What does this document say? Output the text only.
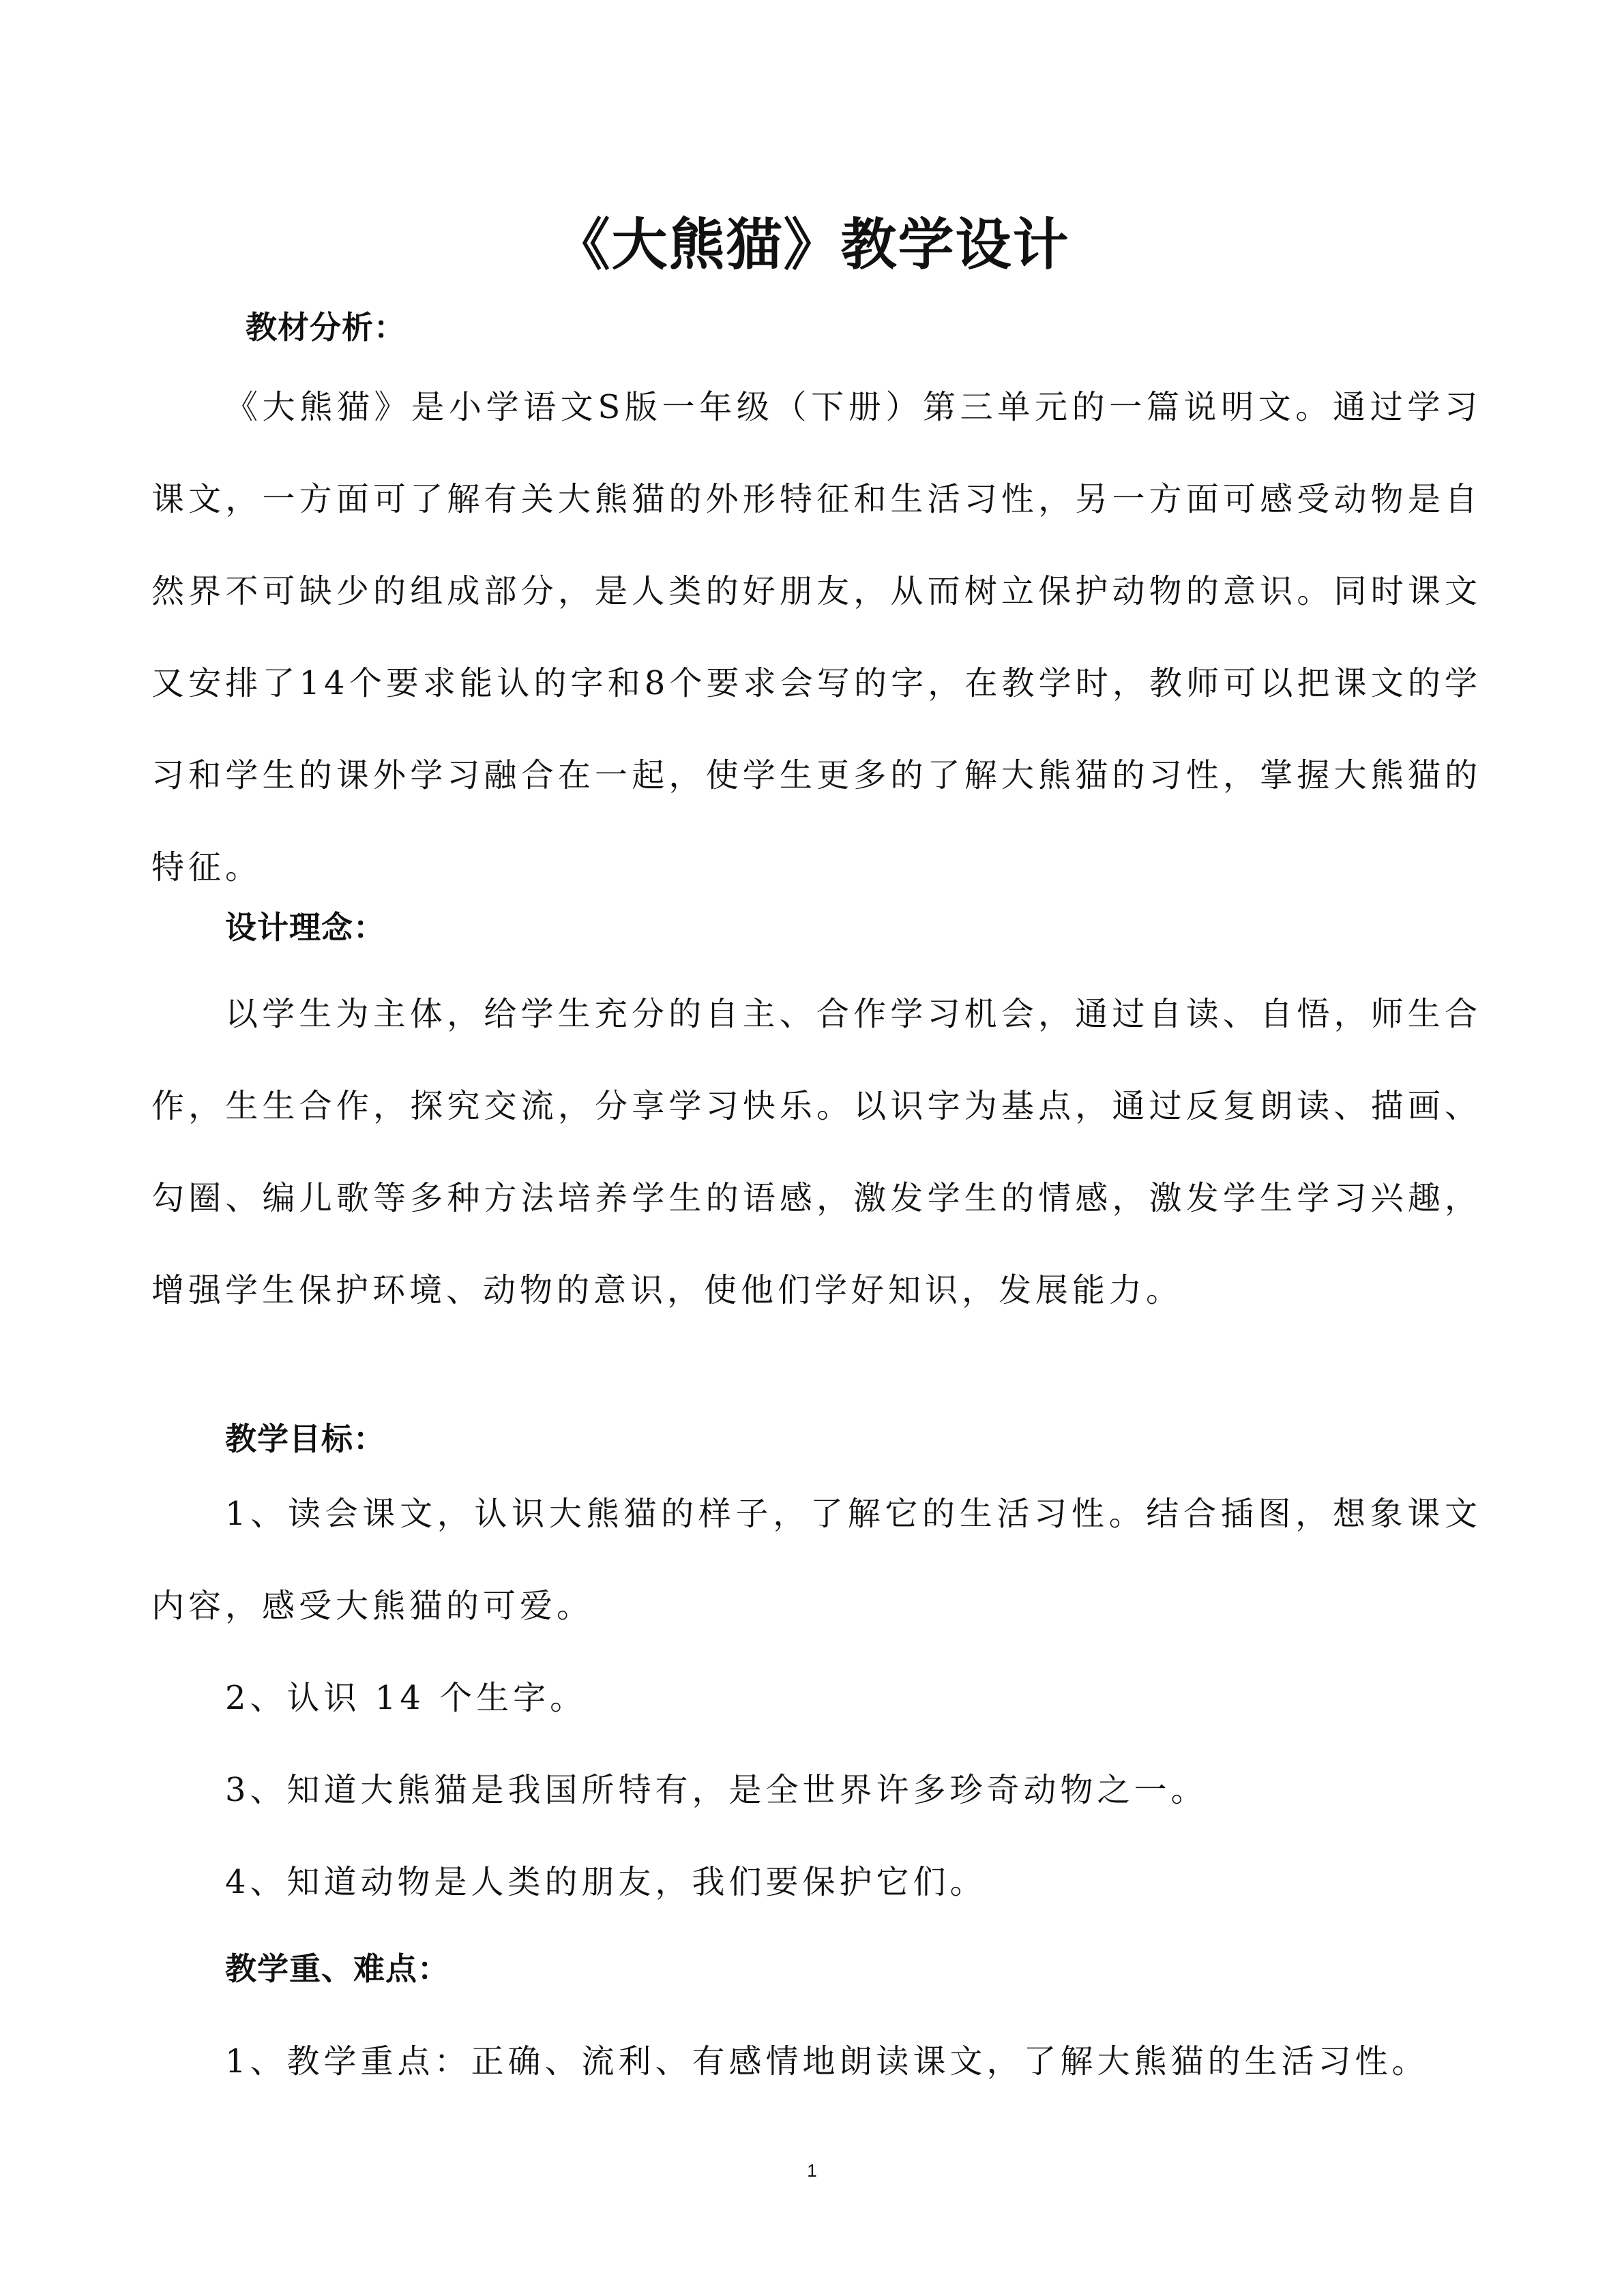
《大熊猫》教学设计
教材分析：

《大熊猫》是小学语文S版一年级（下册）第三单元的一篇说明文。通过学习课文，一方面可了解有关大熊猫的外形特征和生活习性，另一方面可感受动物是自然界不可缺少的组成部分，是人类的好朋友，从而树立保护动物的意识。同时课文又安排了14个要求能认的字和8个要求会写的字，在教学时，教师可以把课文的学习和学生的课外学习融合在一起，使学生更多的了解大熊猫的习性，掌握大熊猫的特征。

设计理念：

以学生为主体，给学生充分的自主、合作学习机会，通过自读、自悟，师生合作，生生合作，探究交流，分享学习快乐。以识字为基点，通过反复朗读、描画、勾圈、编儿歌等多种方法培养学生的语感，激发学生的情感，激发学生学习兴趣，增强学生保护环境、动物的意识，使他们学好知识，发展能力。

教学目标：

1、读会课文，认识大熊猫的样子，了解它的生活习性。结合插图，想象课文内容，感受大熊猫的可爱。

2、认识 14 个生字。
3、知道大熊猫是我国所特有，是全世界许多珍奇动物之一。
4、知道动物是人类的朋友，我们要保护它们。
教学重、难点：
1、教学重点：正确、流利、有感情地朗读课文，了解大熊猫的生活习性。
1
